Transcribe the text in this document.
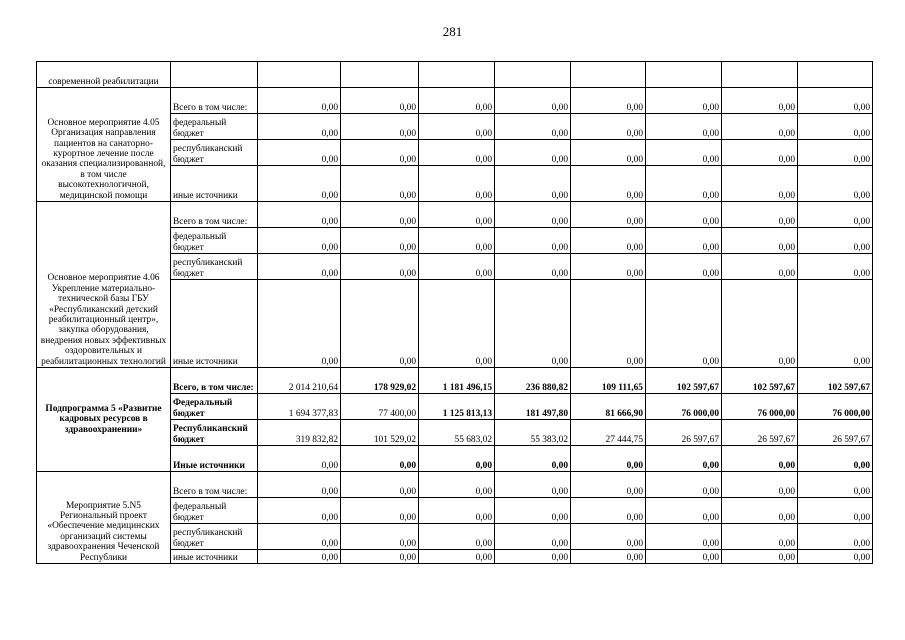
281
современной реабилитации									
Основное мероприятие 4.05 Организация направления пациентов на санаторно-курортное лечение после оказания специализированной, в том числе высокотехнологичной, медицинской помощи	Всего в том числе:	0,00	0,00	0,00	0,00	0,00	0,00	0,00	0,00
	федеральный бюджет	0,00	0,00	0,00	0,00	0,00	0,00	0,00	0,00
	республиканский бюджет	0,00	0,00	0,00	0,00	0,00	0,00	0,00	0,00
	иные источники	0,00	0,00	0,00	0,00	0,00	0,00	0,00	0,00
Основное мероприятие 4.06 Укрепление материально-технической базы ГБУ «Республиканский детский реабилитационный центр», закупка оборудования, внедрения новых эффективных оздоровительных и реабилитационных технологий	Всего в том числе:	0,00	0,00	0,00	0,00	0,00	0,00	0,00	0,00
	федеральный бюджет	0,00	0,00	0,00	0,00	0,00	0,00	0,00	0,00
	республиканский бюджет	0,00	0,00	0,00	0,00	0,00	0,00	0,00	0,00
	иные источники	0,00	0,00	0,00	0,00	0,00	0,00	0,00	0,00
Подпрограмма 5 «Развитие кадровых ресурсов в здравоохранении»	Всего, в том числе:	2 014 210,64	178 929,02	1 181 496,15	236 880,82	109 111,65	102 597,67	102 597,67	102 597,67
	Федеральный бюджет	1 694 377,83	77 400,00	1 125 813,13	181 497,80	81 666,90	76 000,00	76 000,00	76 000,00
	Республиканский бюджет	319 832,82	101 529,02	55 683,02	55 383,02	27 444,75	26 597,67	26 597,67	26 597,67
	Иные источники	0,00	0,00	0,00	0,00	0,00	0,00	0,00	0,00
Мероприятие 5.N5 Региональный проект «Обеспечение медицинских организаций системы здравоохранения Чеченской Республики	Всего в том числе:	0,00	0,00	0,00	0,00	0,00	0,00	0,00	0,00
	федеральный бюджет	0,00	0,00	0,00	0,00	0,00	0,00	0,00	0,00
	республиканский бюджет	0,00	0,00	0,00	0,00	0,00	0,00	0,00	0,00
	иные источники	0,00	0,00	0,00	0,00	0,00	0,00	0,00	0,00
